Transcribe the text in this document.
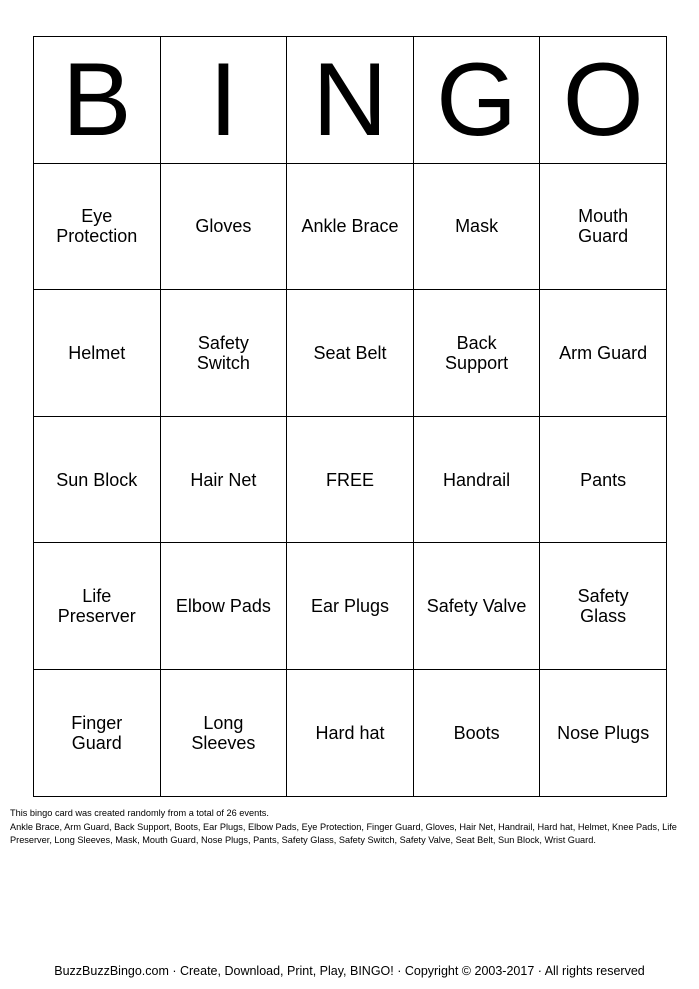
B	I	N	G	O
Eye Protection	Gloves	Ankle Brace	Mask	Mouth Guard
Helmet	Safety Switch	Seat Belt	Back Support	Arm Guard
Sun Block	Hair Net	FREE	Handrail	Pants
Life Preserver	Elbow Pads	Ear Plugs	Safety Valve	Safety Glass
Finger Guard	Long Sleeves	Hard hat	Boots	Nose Plugs

This bingo card was created randomly from a total of 26 events.

Ankle Brace, Arm Guard, Back Support, Boots, Ear Plugs, Elbow Pads, Eye Protection, Finger Guard, Gloves, Hair Net, Handrail, Hard hat, Helmet, Knee Pads, Life Preserver, Long Sleeves, Mask, Mouth Guard, Nose Plugs, Pants, Safety Glass, Safety Switch, Safety Valve, Seat Belt, Sun Block, Wrist Guard.

BuzzBuzzBingo.com · Create, Download, Print, Play, BINGO! · Copyright © 2003-2017 · All rights reserved
